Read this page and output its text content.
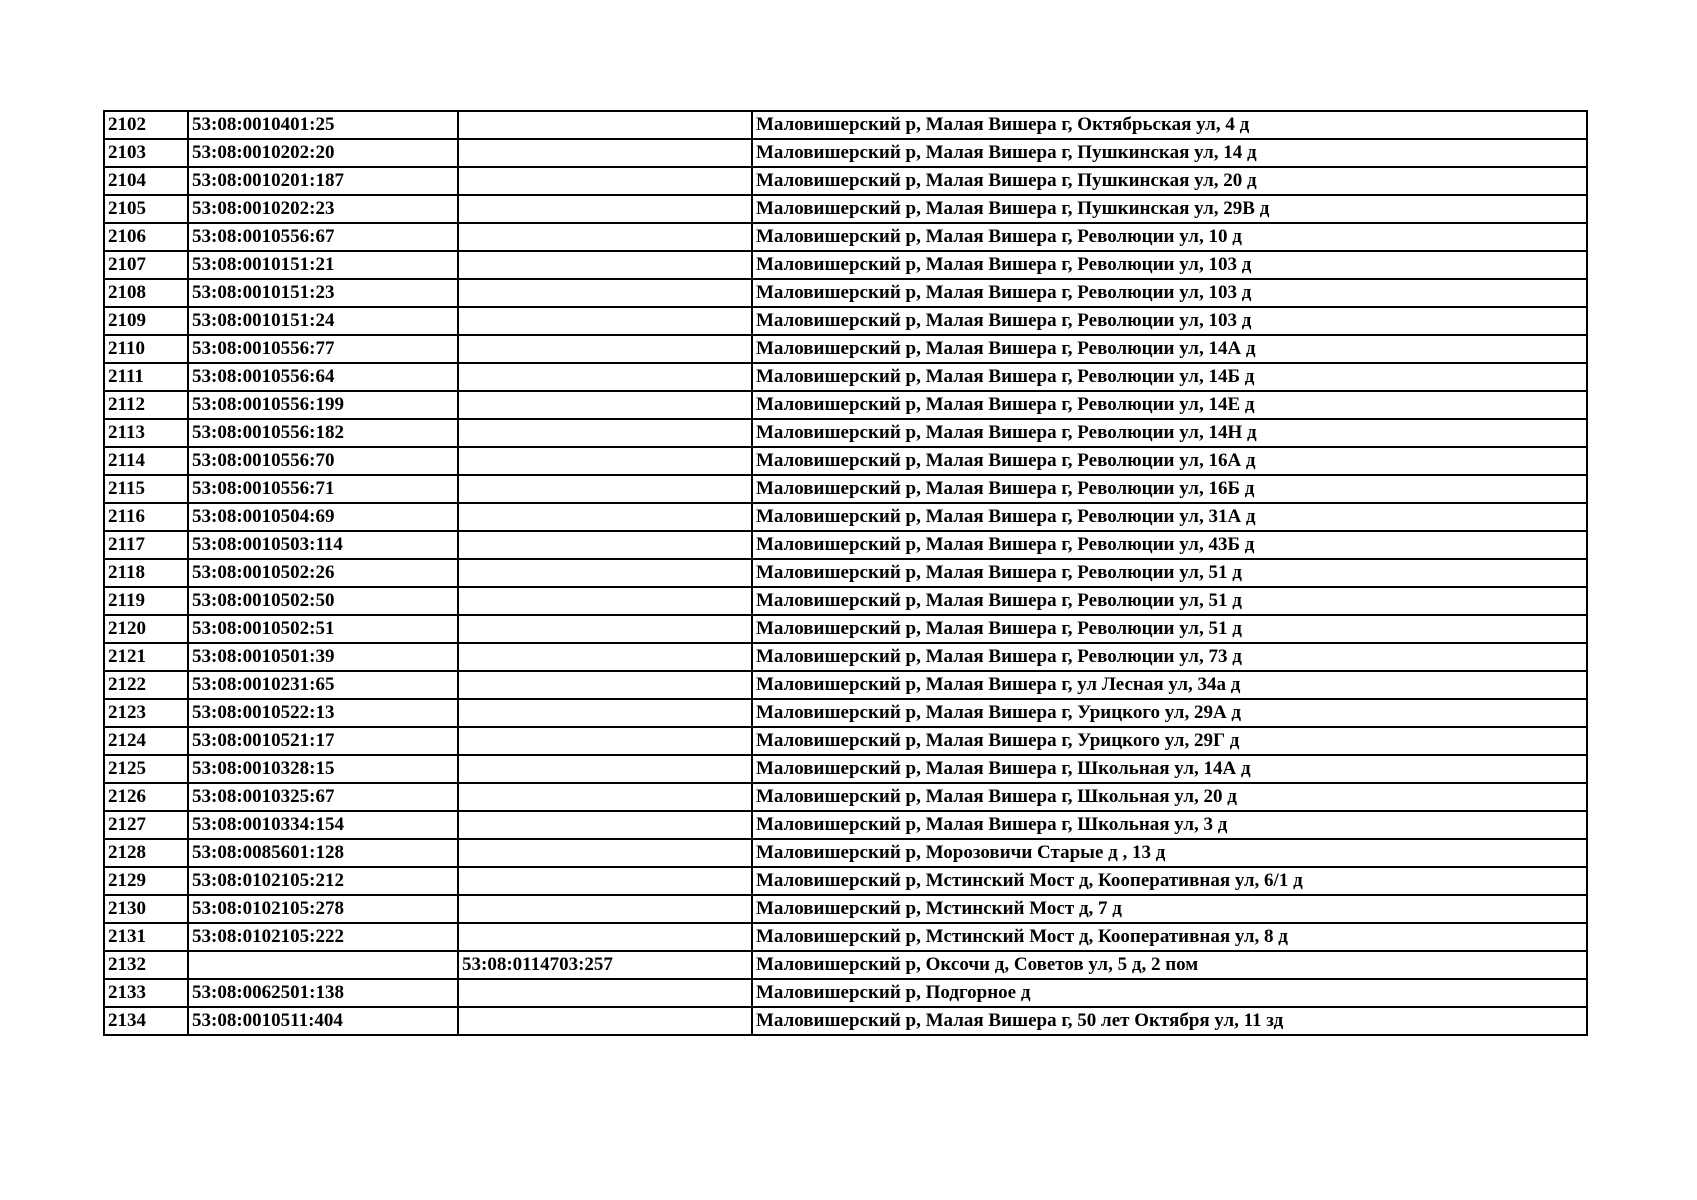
2102	53:08:0010401:25		Маловишерский р, Малая Вишера г, Октябрьская ул, 4 д
2103	53:08:0010202:20		Маловишерский р, Малая Вишера г, Пушкинская ул, 14 д
2104	53:08:0010201:187		Маловишерский р, Малая Вишера г, Пушкинская ул, 20 д
2105	53:08:0010202:23		Маловишерский р, Малая Вишера г, Пушкинская ул, 29В д
2106	53:08:0010556:67		Маловишерский р, Малая Вишера г, Революции ул, 10 д
2107	53:08:0010151:21		Маловишерский р, Малая Вишера г, Революции ул, 103 д
2108	53:08:0010151:23		Маловишерский р, Малая Вишера г, Революции ул, 103 д
2109	53:08:0010151:24		Маловишерский р, Малая Вишера г, Революции ул, 103 д
2110	53:08:0010556:77		Маловишерский р, Малая Вишера г, Революции ул, 14А д
2111	53:08:0010556:64		Маловишерский р, Малая Вишера г, Революции ул, 14Б д
2112	53:08:0010556:199		Маловишерский р, Малая Вишера г, Революции ул, 14Е д
2113	53:08:0010556:182		Маловишерский р, Малая Вишера г, Революции ул, 14Н д
2114	53:08:0010556:70		Маловишерский р, Малая Вишера г, Революции ул, 16А д
2115	53:08:0010556:71		Маловишерский р, Малая Вишера г, Революции ул, 16Б д
2116	53:08:0010504:69		Маловишерский р, Малая Вишера г, Революции ул, 31А д
2117	53:08:0010503:114		Маловишерский р, Малая Вишера г, Революции ул, 43Б д
2118	53:08:0010502:26		Маловишерский р, Малая Вишера г, Революции ул, 51 д
2119	53:08:0010502:50		Маловишерский р, Малая Вишера г, Революции ул, 51 д
2120	53:08:0010502:51		Маловишерский р, Малая Вишера г, Революции ул, 51 д
2121	53:08:0010501:39		Маловишерский р, Малая Вишера г, Революции ул, 73 д
2122	53:08:0010231:65		Маловишерский р, Малая Вишера г, ул Лесная ул, 34а д
2123	53:08:0010522:13		Маловишерский р, Малая Вишера г, Урицкого ул, 29А д
2124	53:08:0010521:17		Маловишерский р, Малая Вишера г, Урицкого ул, 29Г д
2125	53:08:0010328:15		Маловишерский р, Малая Вишера г, Школьная ул, 14А д
2126	53:08:0010325:67		Маловишерский р, Малая Вишера г, Школьная ул, 20 д
2127	53:08:0010334:154		Маловишерский р, Малая Вишера г, Школьная ул, 3 д
2128	53:08:0085601:128		Маловишерский р, Морозовичи Старые д , 13 д
2129	53:08:0102105:212		Маловишерский р, Мстинский Мост д, Кооперативная ул, 6/1 д
2130	53:08:0102105:278		Маловишерский р, Мстинский Мост д, 7 д
2131	53:08:0102105:222		Маловишерский р, Мстинский Мост д, Кооперативная ул, 8 д
2132		53:08:0114703:257	Маловишерский р, Оксочи д, Советов ул, 5 д, 2 пом
2133	53:08:0062501:138		Маловишерский р, Подгорное д
2134	53:08:0010511:404		Маловишерский р, Малая Вишера г, 50 лет Октября ул, 11 зд
